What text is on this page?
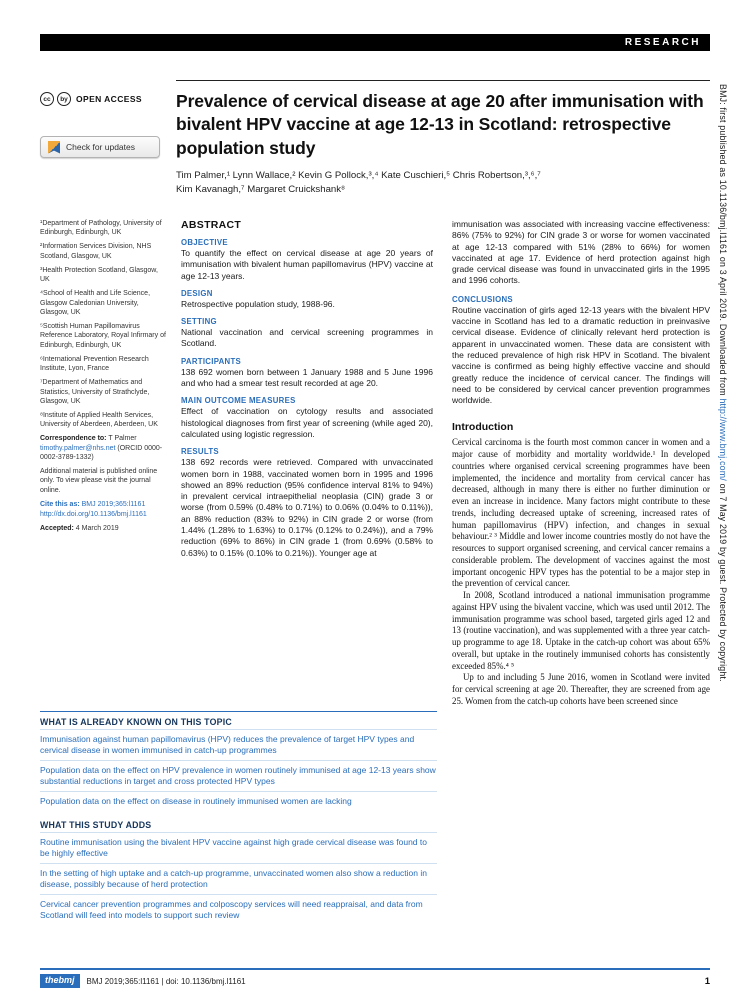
RESEARCH
cc	by OPEN ACCESS
Check for updates
Prevalence of cervical disease at age 20 after immunisation with bivalent HPV vaccine at age 12-13 in Scotland: retrospective population study

Tim Palmer,¹ Lynn Wallace,² Kevin G Pollock,³,⁴ Kate Cuschieri,⁵ Chris Robertson,³,⁶,⁷

Kim Kavanagh,⁷ Margaret Cruickshank⁸

¹Department of Pathology, University of Edinburgh, Edinburgh, UK

²Information Services Division, NHS Scotland, Glasgow, UK

³Health Protection Scotland, Glasgow, UK

⁴School of Health and Life Science, Glasgow Caledonian University, Glasgow, UK

⁵Scottish Human Papillomavirus Reference Laboratory, Royal Infirmary of Edinburgh, Edinburgh, UK

⁶International Prevention Research Institute, Lyon, France

⁷Department of Mathematics and Statistics, University of Strathclyde, Glasgow, UK

⁸Institute of Applied Health Services, University of Aberdeen, Aberdeen, UK

Correspondence to: T Palmer timothy.palmer@nhs.net (ORCID 0000-0002-3789-1332)

Additional material is published online only. To view please visit the journal online.

Cite this as: BMJ 2019;365:l1161

http://dx.doi.org/10.1136/bmj.l1161

Accepted: 4 March 2019

ABSTRACT
OBJECTIVE

To quantify the effect on cervical disease at age 20 years of immunisation with bivalent human papillomavirus (HPV) vaccine at age 12-13 years.

DESIGN

Retrospective population study, 1988-96.

SETTING

National vaccination and cervical screening programmes in Scotland.

PARTICIPANTS

138 692 women born between 1 January 1988 and 5 June 1996 and who had a smear test result recorded at age 20.

MAIN OUTCOME MEASURES

Effect of vaccination on cytology results and associated histological diagnoses from first year of screening (while aged 20), calculated using logistic regression.

RESULTS

138 692 records were retrieved. Compared with unvaccinated women born in 1988, vaccinated women born in 1995 and 1996 showed an 89% reduction (95% confidence interval 81% to 94%) in prevalent cervical intraepithelial neoplasia (CIN) grade 3 or worse (from 0.59% (0.48% to 0.71%) to 0.06% (0.04% to 0.11%)), an 88% reduction (83% to 92%) in CIN grade 2 or worse (from 1.44% (1.28% to 1.63%) to 0.17% (0.12% to 0.24%)), and a 79% reduction (69% to 86%) in CIN grade 1 (from 0.69% (0.58% to 0.63%) to 0.15% (0.10% to 0.21%)). Younger age at

immunisation was associated with increasing vaccine effectiveness: 86% (75% to 92%) for CIN grade 3 or worse for women vaccinated at age 12-13 compared with 51% (28% to 66%) for women vaccinated at age 17. Evidence of herd protection against high grade cervical disease was found in unvaccinated girls in the 1995 and 1996 cohorts.

CONCLUSIONS

Routine vaccination of girls aged 12-13 years with the bivalent HPV vaccine in Scotland has led to a dramatic reduction in preinvasive cervical disease. Evidence of clinically relevant herd protection is apparent in unvaccinated women. These data are consistent with the reduced prevalence of high risk HPV in Scotland. The bivalent vaccine is confirmed as being highly effective vaccine and should greatly reduce the incidence of cervical cancer. The findings will need to be considered by cervical cancer prevention programmes worldwide.

Introduction

Cervical carcinoma is the fourth most common cancer in women and a major cause of morbidity and mortality worldwide.¹ In developed countries where organised cervical screening programmes have been implemented, the incidence and mortality from cervical cancer has decreased, although in many there is either no further diminution or even an increase in incidence. Many factors might contribute to these trends, including decreased uptake of screening, increased rates of human papillomavirus (HPV) infection, and changes in sexual behaviour.² ³ Middle and lower income countries mostly do not have the resources to support organised screening, and cervical cancer remains a considerable problem. The development of vaccines against the most important oncogenic HPV types has the potential to be a major step in the prevention of cervical cancer.

In 2008, Scotland introduced a national immunisation programme against HPV using the bivalent vaccine, which was used until 2012. The immunisation programme was school based, targeted girls aged 12 and 13 (routine vaccination), and was supplemented with a three year catch-up programme to age 18. Uptake in the catch-up cohort was about 65% overall, but uptake in the routinely immunised cohorts has consistently exceeded 85%.⁴ ⁵

Up to and including 5 June 2016, women in Scotland were invited for cervical screening at age 20. Thereafter, they are screened from age 25. Women from the catch-up cohorts have been screened since

WHAT IS ALREADY KNOWN ON THIS TOPIC

Immunisation against human papillomavirus (HPV) reduces the prevalence of target HPV types and cervical disease in women immunised in catch-up programmes

Population data on the effect on HPV prevalence in women routinely immunised at age 12-13 years show substantial reductions in target and cross protected HPV types

Population data on the effect on disease in routinely immunised women are lacking

WHAT THIS STUDY ADDS

Routine immunisation using the bivalent HPV vaccine against high grade cervical disease was found to be highly effective

In the setting of high uptake and a catch-up programme, unvaccinated women also show a reduction in disease, possibly because of herd protection

Cervical cancer prevention programmes and colposcopy services will need reappraisal, and data from Scotland will feed into models to support such review

BMJ: first published as 10.1136/bmj.l1161 on 3 April 2019. Downloaded from http://www.bmj.com/ on 7 May 2019 by guest. Protected by copyright.
thebmj	BMJ 2019;365:l1161 | doi: 10.1136/bmj.l1161	1
